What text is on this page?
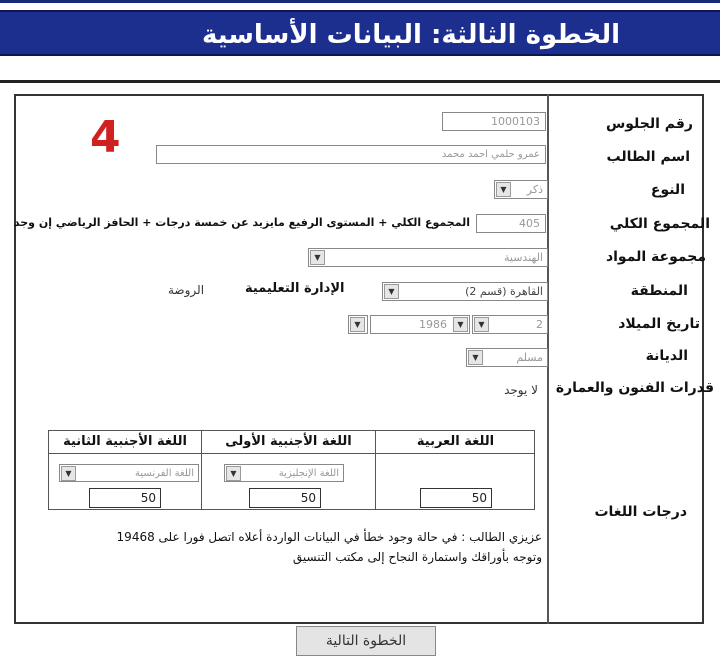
الخطوة الثالثة: البيانات الأساسية
4	رقم الجلوس
اسم الطالب
النوع
المجموع الكلي
مجموعة المواد
المنطقة
تاريخ الميلاد
الديانة
قدرات الفنون والعمارة
درجات اللغات
1000103
عمرو حلمي احمد محمد
ذكر
▼
405
المجموع الكلي + المستوى الرفيع مايزيد عن خمسة درجات + الحافز الرياضي إن وجد
الهندسية
▼
القاهرة (قسم 2)
▼
الإدارة التعليمية
الروضة
2
▼
1986	▼
▼
مسلم
▼
لا يوجد
اللغة العربية
50
اللغة الأجنبية الأولى
اللغة الإنجليزية
▼
50
اللغة الأجنبية الثانية
اللغة الفرنسية
▼
50
عزيزي الطالب : في حالة وجود خطأ في البيانات الواردة أعلاه اتصل فورا على 19468
وتوجه بأوراقك واستمارة النجاح إلى مكتب التنسيق
الخطوة التالية
